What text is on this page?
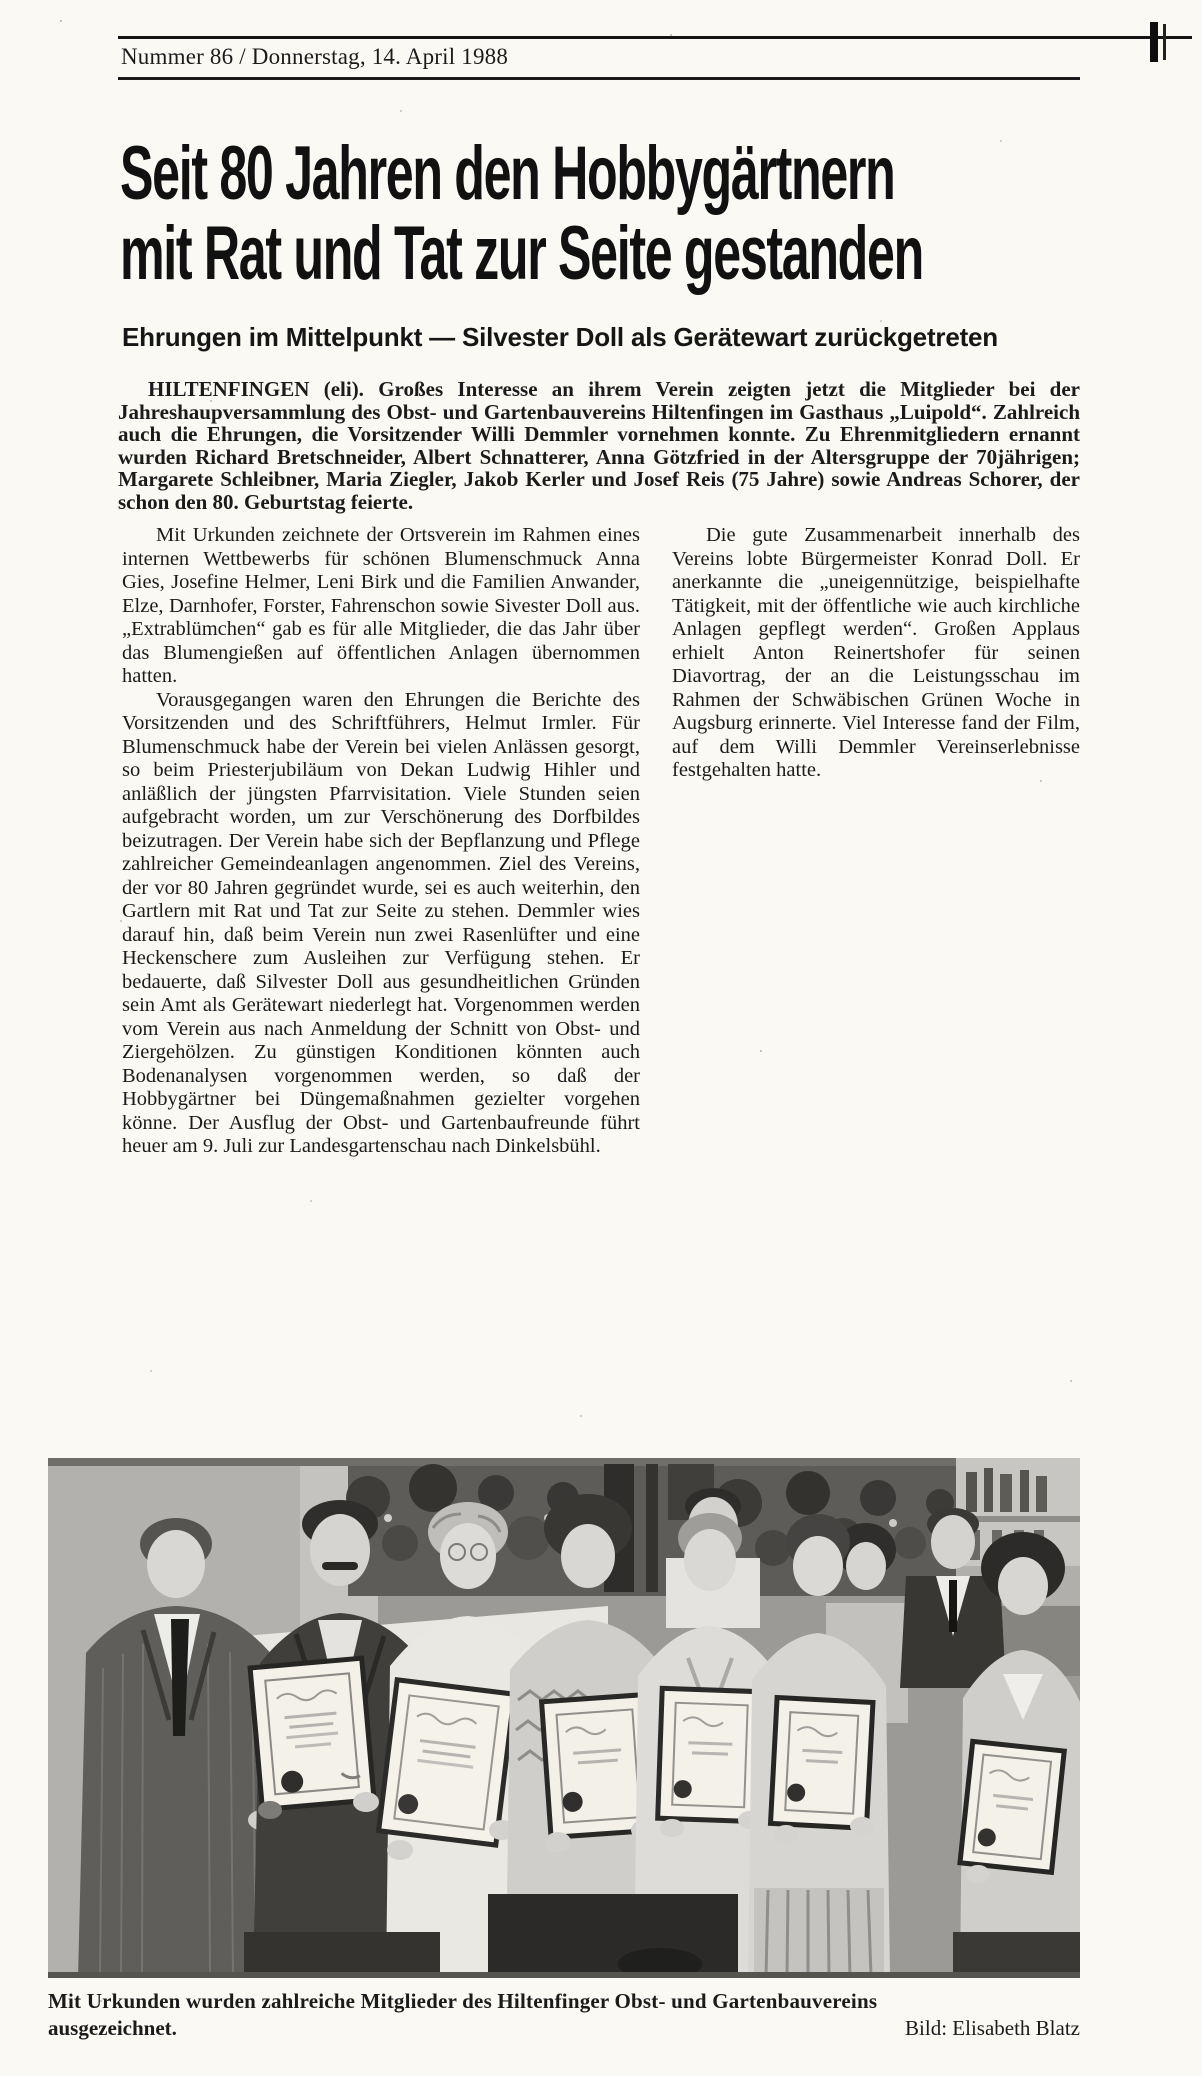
Nummer 86 / Donnerstag, 14. April 1988
Seit 80 Jahren den Hobbygärtnern
mit Rat und Tat zur Seite gestanden
Ehrungen im Mittelpunkt — Silvester Doll als Gerätewart zurückgetreten
HILTENFINGEN (eli). Großes Interesse an ihrem Verein zeigten jetzt die Mitglieder bei der Jahreshaupversammlung des Obst- und Gartenbauvereins Hiltenfingen im Gasthaus „Luipold“. Zahlreich auch die Ehrungen, die Vorsitzender Willi Demmler vornehmen konnte. Zu Ehrenmitgliedern ernannt wurden Richard Bretschneider, Albert Schnatterer, Anna Götzfried in der Altersgruppe der 70jährigen; Margarete Schleibner, Maria Ziegler, Jakob Kerler und Josef Reis (75 Jahre) sowie Andreas Schorer, der schon den 80. Geburtstag feierte.

Mit Urkunden zeichnete der Ortsverein im Rahmen eines internen Wettbewerbs für schönen Blumenschmuck Anna Gies, Josefine Helmer, Leni Birk und die Familien Anwander, Elze, Darnhofer, Forster, Fahrenschon sowie Sivester Doll aus. „Extrablümchen“ gab es für alle Mitglieder, die das Jahr über das Blumengießen auf öffentlichen Anlagen übernommen hatten.

Vorausgegangen waren den Ehrungen die Berichte des Vorsitzenden und des Schriftführers, Helmut Irmler. Für Blumenschmuck habe der Verein bei vielen Anlässen gesorgt, so beim Priesterjubiläum von Dekan Ludwig Hihler und anläßlich der jüngsten Pfarrvisitation. Viele Stunden seien aufgebracht worden, um zur Verschönerung des Dorfbildes beizutragen. Der Verein habe sich der Bepflanzung und Pflege zahlreicher Gemeindeanlagen angenommen. Ziel des Vereins, der vor 80 Jahren gegründet wurde, sei es auch weiterhin, den Gartlern mit Rat und Tat zur Seite zu stehen. Demmler wies darauf hin, daß beim Verein nun zwei Rasenlüfter und eine Heckenschere zum Ausleihen zur Verfügung stehen. Er bedauerte, daß Silvester Doll aus gesundheitlichen Gründen sein Amt als Gerätewart niederlegt hat. Vorgenommen werden vom Verein aus nach Anmeldung der Schnitt von Obst- und Ziergehölzen. Zu günstigen Konditionen könnten auch Bodenanalysen vorgenommen werden, so daß der Hobbygärtner bei Düngemaßnahmen gezielter vorgehen könne. Der Ausflug der Obst- und Gartenbaufreunde führt heuer am 9. Juli zur Landesgartenschau nach Dinkelsbühl.

Die gute Zusammenarbeit innerhalb des Vereins lobte Bürgermeister Konrad Doll. Er anerkannte die „uneigennützige, beispielhafte Tätigkeit, mit der öffentliche wie auch kirchliche Anlagen gepflegt werden“. Großen Applaus erhielt Anton Reinertshofer für seinen Diavortrag, der an die Leistungsschau im Rahmen der Schwäbischen Grünen Woche in Augsburg erinnerte. Viel Interesse fand der Film, auf dem Willi Demmler Vereinserlebnisse festgehalten hatte.

Mit Urkunden wurden zahlreiche Mitglieder des Hiltenfinger Obst- und Gartenbauvereins
ausgezeichnet.	Bild: Elisabeth Blatz
